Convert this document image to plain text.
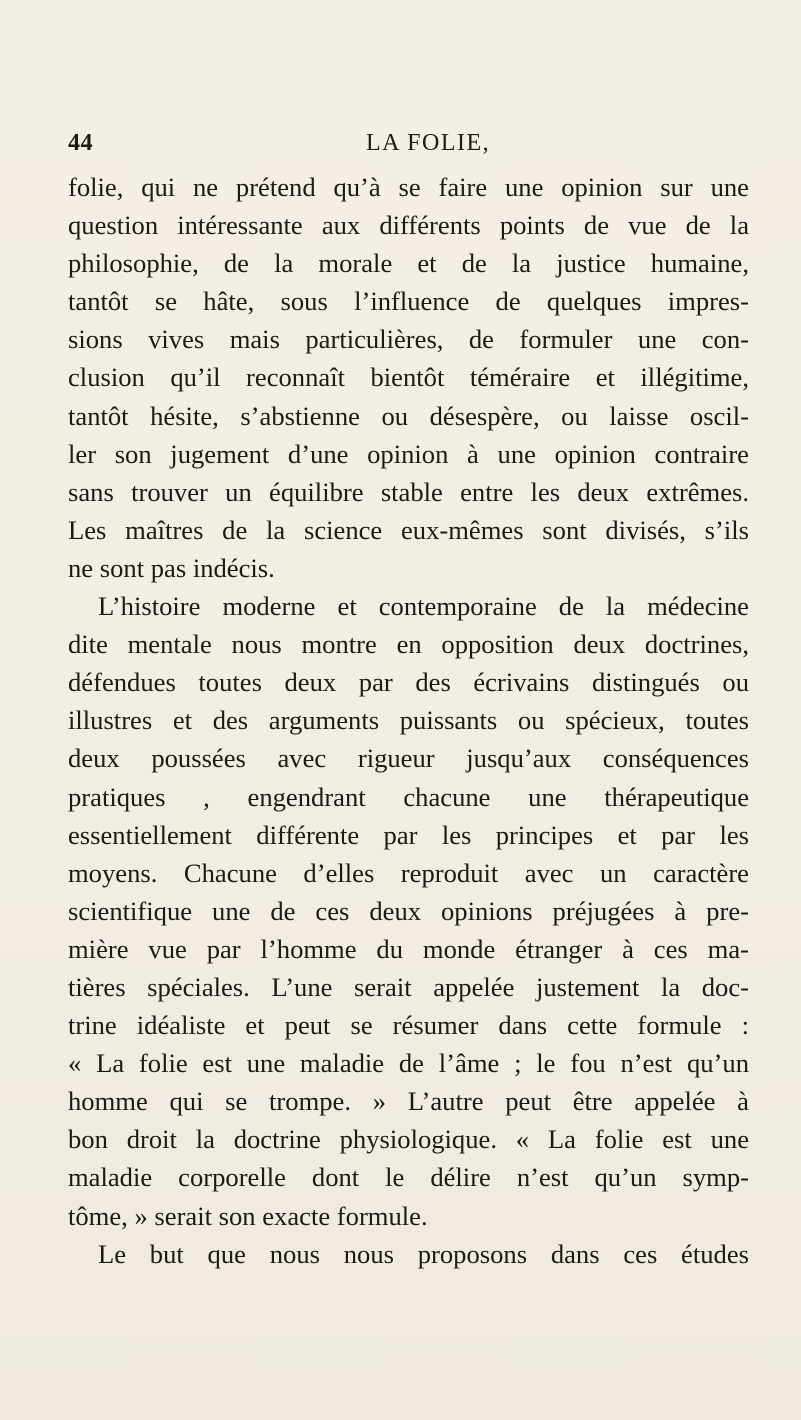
44	LA FOLIE,
folie, qui ne prétend qu’à se faire une opinion sur une
question intéressante aux différents points de vue de la
philosophie, de la morale et de la justice humaine,
tantôt se hâte, sous l’influence de quelques impres-
sions vives mais particulières, de formuler une con-
clusion qu’il reconnaît bientôt téméraire et illégitime,
tantôt hésite, s’abstienne ou désespère, ou laisse oscil-
ler son jugement d’une opinion à une opinion contraire
sans trouver un équilibre stable entre les deux extrêmes.
Les maîtres de la science eux-mêmes sont divisés, s’ils
ne sont pas indécis.
L’histoire moderne et contemporaine de la médecine
dite mentale nous montre en opposition deux doctrines,
défendues toutes deux par des écrivains distingués ou
illustres et des arguments puissants ou spécieux, toutes
deux poussées avec rigueur jusqu’aux conséquences
pratiques , engendrant chacune une thérapeutique
essentiellement différente par les principes et par les
moyens. Chacune d’elles reproduit avec un caractère
scientifique une de ces deux opinions préjugées à pre-
mière vue par l’homme du monde étranger à ces ma-
tières spéciales. L’une serait appelée justement la doc-
trine idéaliste et peut se résumer dans cette formule :
« La folie est une maladie de l’âme ; le fou n’est qu’un
homme qui se trompe. » L’autre peut être appelée à
bon droit la doctrine physiologique. « La folie est une
maladie corporelle dont le délire n’est qu’un symp-
tôme, » serait son exacte formule.
Le but que nous nous proposons dans ces études
